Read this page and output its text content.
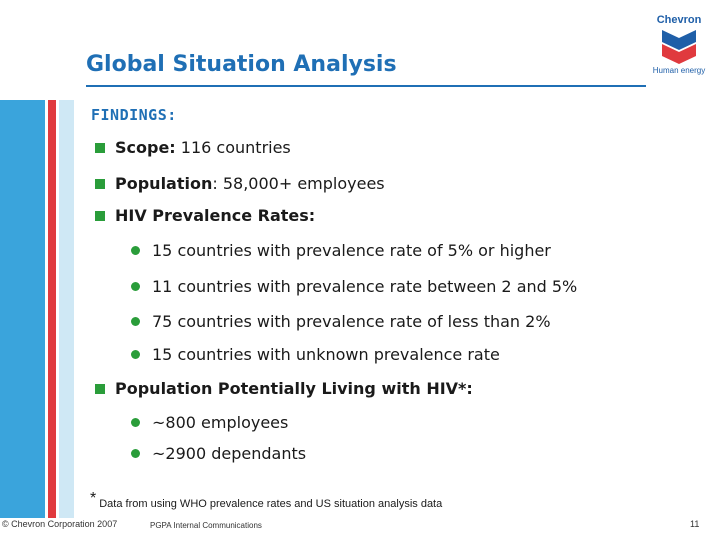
Global Situation Analysis
Chevron
Human energy
FINDINGS:
Scope:
116 countries
Population : 58,000+ employees
HIV Prevalence Rates:
15 countries with prevalence rate of 5% or higher
11 countries with prevalence rate between 2 and 5%
75 countries with prevalence rate of less than 2%
15 countries with unknown prevalence rate
Population Potentially Living with HIV*:
~800 employees
~2900 dependants
* Data from using WHO prevalence rates and US situation analysis data
© Chevron Corporation 2007	PGPA Internal Communications	11
